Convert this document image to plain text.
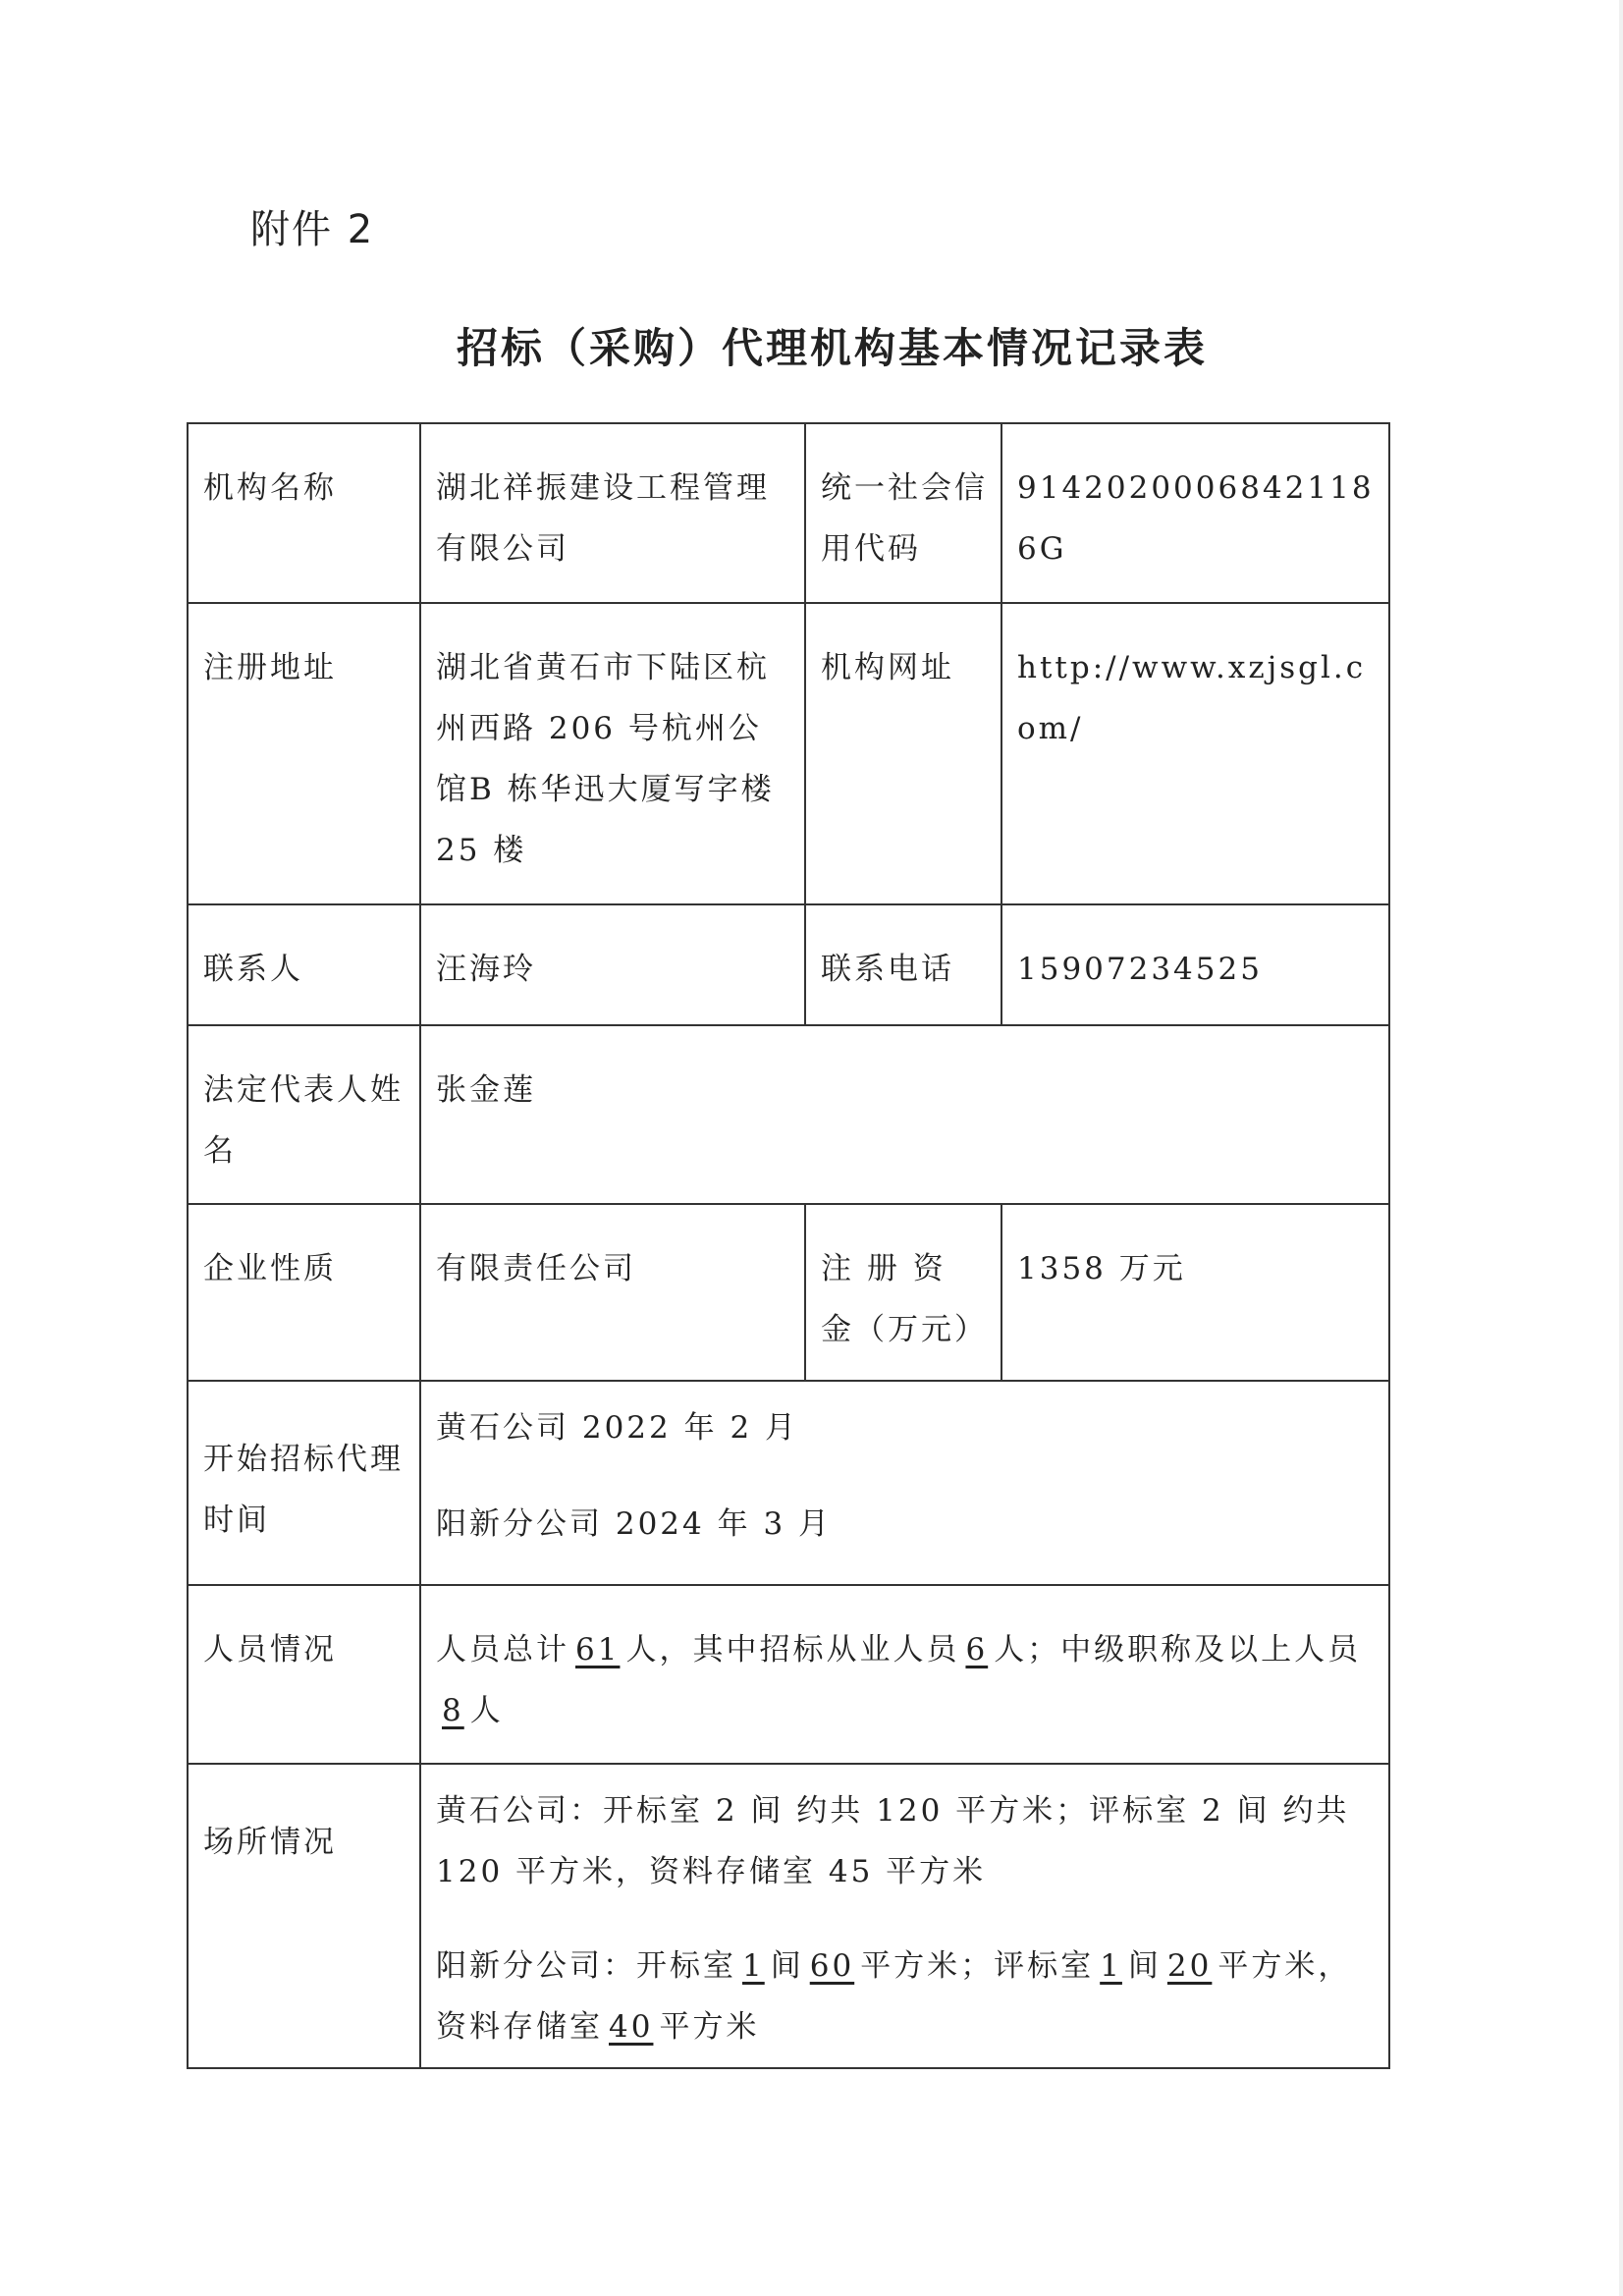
附件 2
招标（采购）代理机构基本情况记录表
机构名称	湖北祥振建设工程管理有限公司	统一社会信用代码	91420200068421186G
注册地址	湖北省黄石市下陆区杭州西路 206 号杭州公馆B 栋华迅大厦写字楼 25 楼	机构网址	http://www.xzjsgl.com/
联系人	汪海玲	联系电话	15907234525
法定代表人姓名	张金莲		
企业性质	有限责任公司	注 册 资 金（万元）	1358 万元
开始招标代理时间	黄石公司 2022 年 2 月
阳新分公司 2024 年 3 月		

人员情况	人员总计 61 人，其中招标从业人员 6 人；中级职称及以上人员8 人		
场所情况	黄石公司：开标室 2 间 约共 120 平方米；评标室 2 间 约共 120 平方米，资料存储室 45 平方米
阳新分公司：开标室 1 间 60 平方米；评标室 1 间 20 平方米，资料存储室 40 平方米		
